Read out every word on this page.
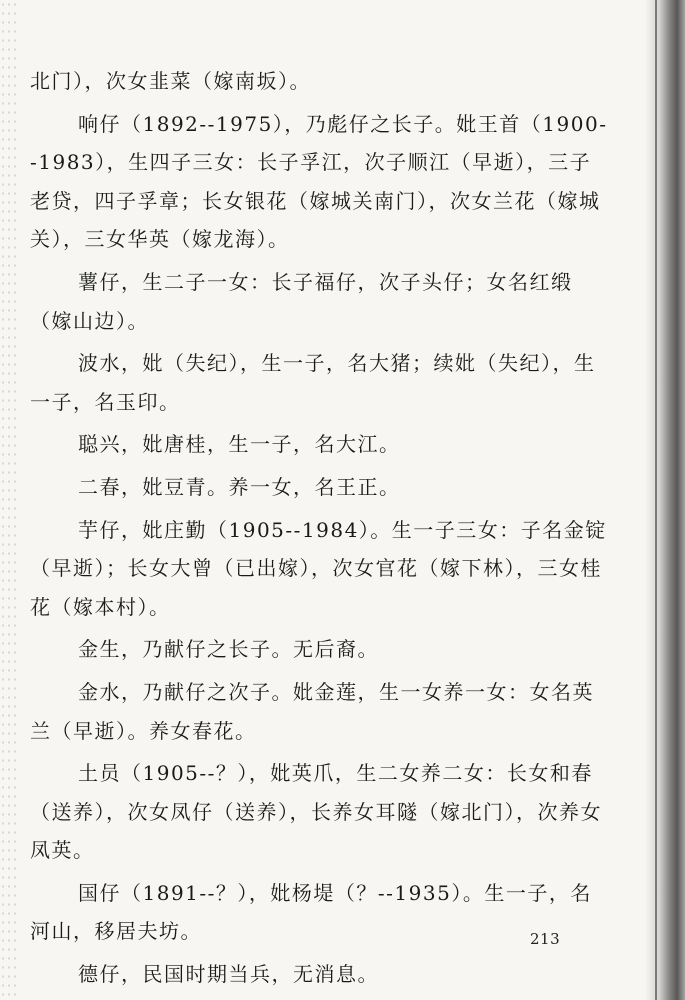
北门），次女韭菜（嫁南坂）。

响仔（1892--1975），乃彪仔之长子。妣王首（1900--1983），生四子三女：长子孚江，次子顺江（早逝），三子老贷，四子孚章；长女银花（嫁城关南门），次女兰花（嫁城关），三女华英（嫁龙海）。

薯仔，生二子一女：长子福仔，次子头仔；女名红缎（嫁山边）。

波水，妣（失纪），生一子，名大猪；续妣（失纪），生一子，名玉印。

聪兴，妣唐桂，生一子，名大江。

二春，妣豆青。养一女，名王正。

芋仔，妣庄勤（1905--1984）。生一子三女：子名金锭（早逝）；长女大曾（已出嫁），次女官花（嫁下林），三女桂花（嫁本村）。

金生，乃献仔之长子。无后裔。

金水，乃献仔之次子。妣金莲，生一女养一女：女名英兰（早逝）。养女春花。

土员（1905--？），妣英爪，生二女养二女：长女和春（送养），次女凤仔（送养），长养女耳隧（嫁北门），次养女凤英。

国仔（1891--？），妣杨堤（？--1935）。生一子，名河山，移居夫坊。

德仔，民国时期当兵，无消息。

213
